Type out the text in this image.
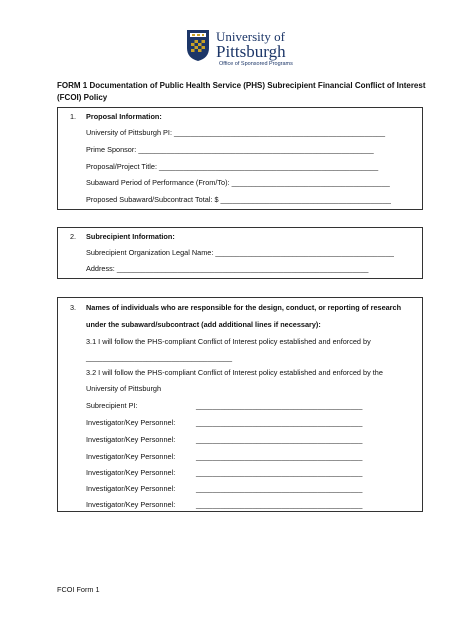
University of
Pittsburgh
Office of Sponsored Programs
FORM 1 Documentation of Public Health Service (PHS) Subrecipient Financial Conflict of Interest (FCOI) Policy
1. Proposal Information:
University of Pittsburgh PI: ____________________________________________________
Prime Sponsor: __________________________________________________________
Proposal/Project Title: ______________________________________________________
Subaward Period of Performance (From/To): _______________________________________
Proposed Subaward/Subcontract Total: $ __________________________________________
2. Subrecipient Information:
Subrecipient Organization Legal Name: ____________________________________________
Address: ______________________________________________________________
3. Names of individuals who are responsible for the design, conduct, or reporting of research
under the subaward/subcontract (add additional lines if necessary):
3.1 I will follow the PHS-compliant Conflict of Interest policy established and enforced by
____________________________________
3.2 I will follow the PHS-compliant Conflict of Interest policy established and enforced by the
University of Pittsburgh
Subrecipient PI:	_________________________________________
Investigator/Key Personnel:	_________________________________________
Investigator/Key Personnel:	_________________________________________
Investigator/Key Personnel:	_________________________________________
Investigator/Key Personnel:	_________________________________________
Investigator/Key Personnel:	_________________________________________
Investigator/Key Personnel:	_________________________________________
FCOI Form 1
